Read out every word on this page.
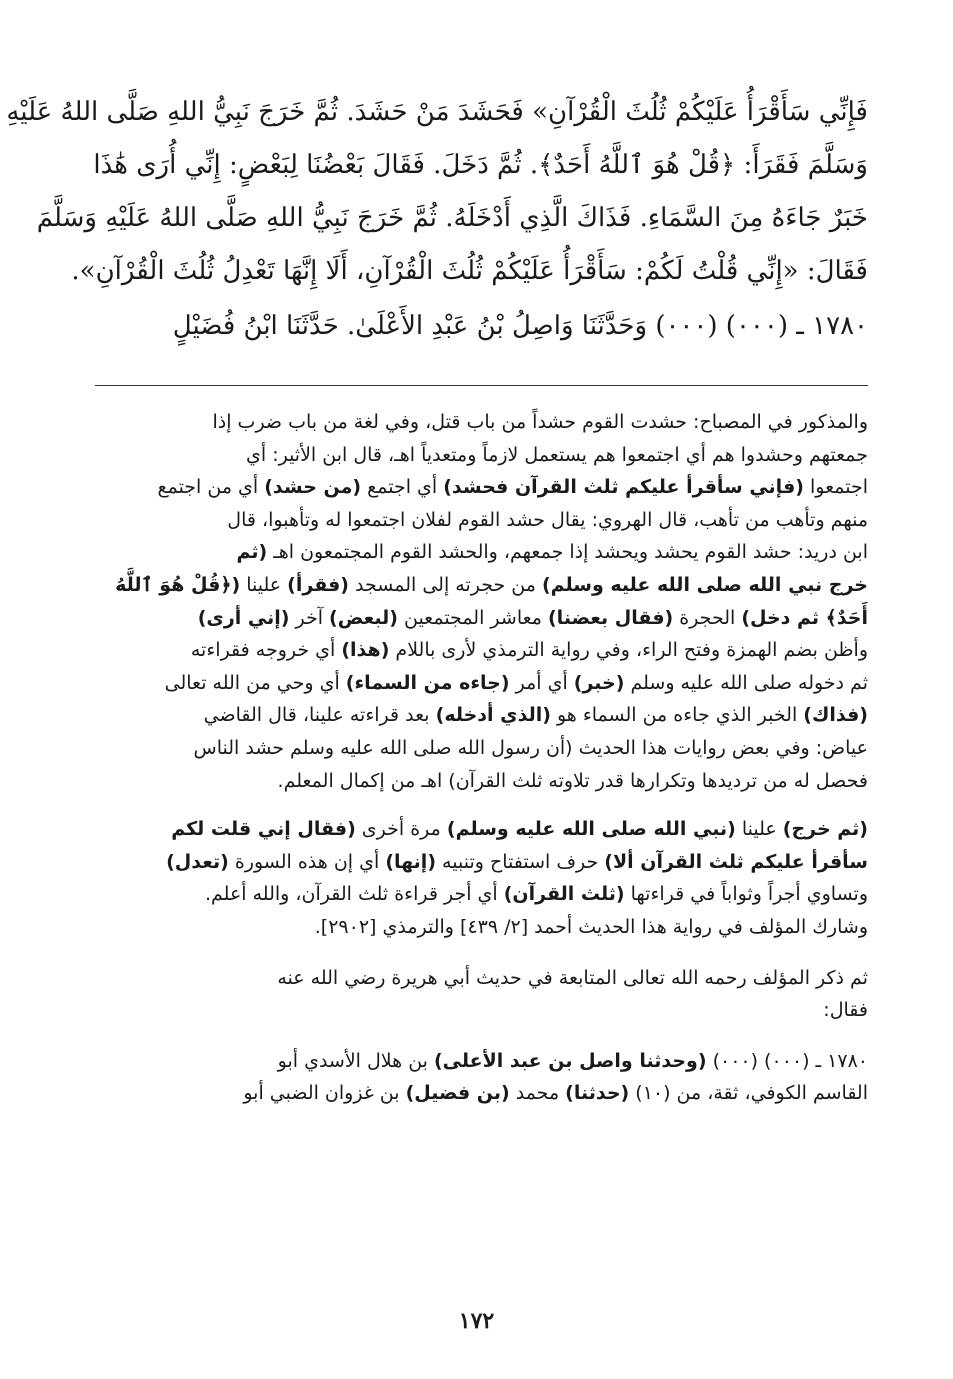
فَإِنِّي سَأَقْرَأُ عَلَيْكُمْ ثُلُثَ الْقُرْآنِ» فَحَشَدَ مَنْ حَشَدَ. ثُمَّ خَرَجَ نَبِيُّ اللهِ صَلَّى اللهُ عَلَيْهِ
وَسَلَّمَ فَقَرَأَ: ﴿قُلْ هُوَ ٱللَّهُ أَحَدٌ﴾. ثُمَّ دَخَلَ. فَقَالَ بَعْضُنَا لِبَعْضٍ: إِنِّي أُرَى هَٰذَا
خَبَرٌ جَاءَهُ مِنَ السَّمَاءِ. فَذَاكَ الَّذِي أَدْخَلَهُ. ثُمَّ خَرَجَ نَبِيُّ اللهِ صَلَّى اللهُ عَلَيْهِ وَسَلَّمَ
فَقَالَ: «إِنِّي قُلْتُ لَكُمْ: سَأَقْرَأُ عَلَيْكُمْ ثُلُثَ الْقُرْآنِ، أَلَا إِنَّهَا تَعْدِلُ ثُلُثَ الْقُرْآنِ».
١٧٨٠ ـ (٠٠٠) (٠٠٠) وَحَدَّثَنَا وَاصِلُ بْنُ عَبْدِ الأَعْلَىٰ. حَدَّثَنَا ابْنُ فُضَيْلٍ
والمذكور في المصباح: حشدت القوم حشداً من باب قتل، وفي لغة من باب ضرب إذا
جمعتهم وحشدوا هم أي اجتمعوا هم يستعمل لازماً ومتعدياً اهـ، قال ابن الأثير: أي
اجتمعوا (فإني سأقرأ عليكم ثلث القرآن فحشد) أي اجتمع (من حشد) أي من اجتمع
منهم وتأهب من تأهب، قال الهروي: يقال حشد القوم لفلان اجتمعوا له وتأهبوا، قال
ابن دريد: حشد القوم يحشد ويحشد إذا جمعهم، والحشد القوم المجتمعون اهـ (ثم
خرج نبي الله صلى الله عليه وسلم) من حجرته إلى المسجد (فقرأ) علينا (﴿قُلْ هُوَ ٱللَّهُ
أَحَدٌ﴾ ثم دخل) الحجرة (فقال بعضنا) معاشر المجتمعين (لبعض) آخر (إني أرى)
وأظن بضم الهمزة وفتح الراء، وفي رواية الترمذي لأرى باللام (هذا) أي خروجه فقراءته
ثم دخوله صلى الله عليه وسلم (خبر) أي أمر (جاءه من السماء) أي وحي من الله تعالى
(فذاك) الخبر الذي جاءه من السماء هو (الذي أدخله) بعد قراءته علينا، قال القاضي
عياض: وفي بعض روايات هذا الحديث (أن رسول الله صلى الله عليه وسلم حشد الناس
فحصل له من ترديدها وتكرارها قدر تلاوته ثلث القرآن) اهـ من إكمال المعلم.
(ثم خرج) علينا (نبي الله صلى الله عليه وسلم) مرة أخرى (فقال إني قلت لكم
سأقرأ عليكم ثلث القرآن ألا) حرف استفتاح وتنبيه (إنها) أي إن هذه السورة (تعدل)
وتساوي أجراً وثواباً في قراءتها (ثلث القرآن) أي أجر قراءة ثلث القرآن، والله أعلم.
وشارك المؤلف في رواية هذا الحديث أحمد [٢/ ٤٣٩] والترمذي [٢٩٠٢].
ثم ذكر المؤلف رحمه الله تعالى المتابعة في حديث أبي هريرة رضي الله عنه
فقال:
١٧٨٠ ـ (٠٠٠) (٠٠٠) (وحدثنا واصل بن عبد الأعلى) بن هلال الأسدي أبو
القاسم الكوفي، ثقة، من (١٠) (حدثنا) محمد (بن فضيل) بن غزوان الضبي أبو
١٧٢
